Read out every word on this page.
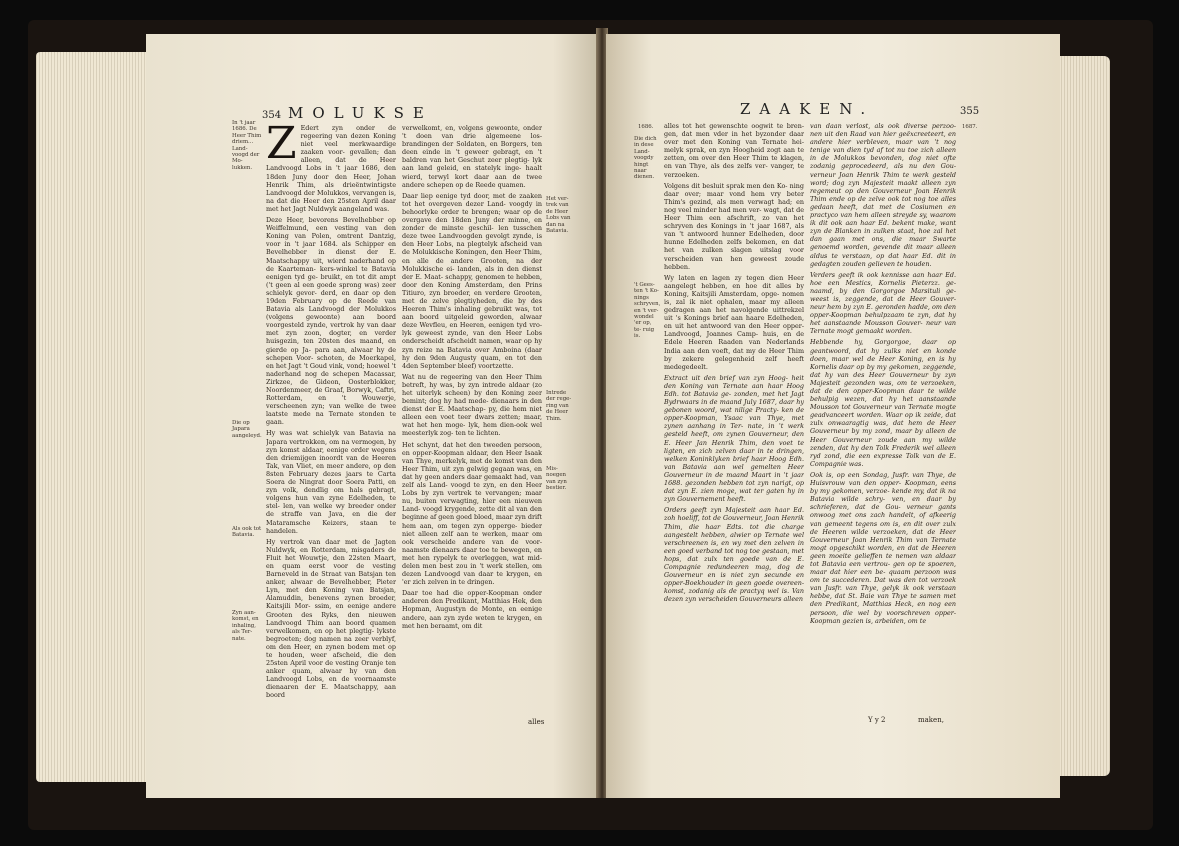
354 MOLUKSE
In 't jaar 1686. De Heer Thim driem... Land- voogd der Mo- lukken.
Die op Japara aangeleyd.
Als ook tot Batavia.
Zyn aan- komst, en inhaling, als Ter- nate.
Z Edert zyn onder de regeering van dezen Koning niet veel merkwaardige zaaken voor- gevallen; dan alleen, dat de Heer Landvoogd Lobs in 't jaar 1686, den 18den Juny door den Heer, Johan Henrik Thim, als drieëntwintigste Landvoogd der Molukkos, vervangen is, na dat die Heer den 25sten April daar met het Jagt Nuldwyk aangeland was.

Deze Heer, bevorens Bevelhebber op Weiffelmund, een vesting van den Koning van Polen, omtrent Dantzig, voor in 't jaar 1684. als Schipper en Bevelhebber in dienst der E. Maatschappy uit, wierd naderhand op de Kaarteman- kers-winkel te Batavia eenigen tyd ge- bruikt, en tot dit ampt ('t geen al een goede sprong was) zeer schielyk gevor- derd, en daar op den 19den February op de Reede van Batavia als Landvoogd der Molukkos (volgens gewoonte) aan boord voorgesteld zynde, vertrok hy van daar met zyn zoon, dogter, en verder huisgezin, ten 20sten des maand, en gierde op Ja- para aan, alwaar hy de schepen Voor- schoten, de Moerkapel, en het Jagt 't Goud vink, vond; hoewel 't naderhand nog de schepen Macassar, Zirkzee, de Gideon, Oosterblokker, Noordenmeer, de Graaf, Borwyk, Caftri, Rotterdam, en 't Wouwerje, verscheenen zyn; van welke de twee laatste mede na Ternate stonden te gaan.

Hy was wat schielyk van Batavia na Japara vertrokken, om na vermogen, by zyn komst aldaar, eenige order wegens den driemijgen inoordt van de Heeren Tak, van Vliet, en meer andere, op den 8sten February dezes jaars te Carta Soera de Ningrat door Soera Patti, en zyn volk, dendlig om hals gebragt, volgens hun van zyne Edelheden, te stel- len, van welke wy breeder onder de straffe van Java, en die der Mataramsche Keizers, staan te handelen.

Hy vertrok van daar met de Jagten Nuldwyk, en Rotterdam, misgaders de Fluit het Wouwtje, den 22sten Maart, en quam eerst voor de vesting Barneveld in de Straat van Batsjan ten anker, alwaar de Bevelhebber, Pieter Lyn, met den Koning van Batsjan, Alamuddin, benevens zynen broeder, Kaitsjili Mor- ssim, en eenige andere Grooten des Ryks, den nieuwen Landvoogd Thim aan boord quamen verwelkomen, en op het plegtig- lykste begroeten; dog namen na zeer verblyf, om den Heer, en zynen bodem met op te houden, weer afscheid, die den 25sten April voor de vesting Oranje ten anker quam, alwaar hy van den Landvoogd Lobs, en de voornaamste dienaaren der E. Maatschappy, aan boord

verwelkomt, en, volgens gewoonte, onder 't doen van drie algemeene los- brandingen der Soldaten, en Borgers, ten deen einde in 't geweer gebragt, en 't baldren van het Geschut zeer plegtig- lyk aan land geleid, en statelyk inge- haalt wierd, terwyl kort daar aan de twee andere schepen op de Reede quamen.

Daar liep eenige tyd door, met de zaaken tot het overgeven dezer Land- voogdy in behoorlyke order te brengen; waar op de overgave den 18den Juny der minne, en zonder de minste geschil- len tusschen deze twee Landvoogden gevolgt zynde, is den Heer Lobs, na plegtelyk afscheid van de Molukkische Koningen, den Heer Thim, en alle de andere Grooten, na der Molukkische ei- landen, als in den dienst der E. Maat- schappy, genomen te hebben, door den Koning Amsterdam, den Prins Titiuro, zyn broeder, en verdere Grooten, met de zelve plegtiyheden, die by des Heeren Thim's inhaling gebruikt was, tot aan boord uitgeleid geworden, alwaar deze Wevfleu, en Heeren, eenigen tyd vro- lyk geweest zynde, van den Heer Lobs onderscheidt afscheidt namen, waar op hy zyn reize na Batavia over Amboina (daar hy den 9den Augusty quam, en tot den 4den September bleef) voortzette.

Wat nu de regeering van den Heer Thim betreft, hy was, by zyn intrede aldaar (zo het uiterlyk scheen) by den Koning zeer bemint; dog hy had mede- dienaars in den dienst der E. Maatschap- py, die hem niet alleen een voet teer dwars zetten; maar, wat het hen moge- lyk, hem dien-ook wel meesterlyk zog- ten te lichten.

Het schynt, dat het den tweeden persoon, en opper-Koopman aldaar, den Heer Isaak van Thye, merkelyk, met de komst van den Heer Thim, uit zyn gelwig gegaan was, en dat hy geen anders daar gemaakt had, van zelf als Land- voogd te zyn, en den Heer Lobs by zyn vertrek te vervangen; maar nu, buiten verwagting, hier een nieuwen Land- voogd krygende, zette dit al van den beginne af geen goed bloed, maar zyn drift hem aan, om tegen zyn opperge- bieder niet alleen zelf aan te werken, maar om ook verscheide andere van de voor- naamste dienaars daar toe te bewegen, en met hen rypelyk te overleggen, wat mid- delen men best zou in 't werk stellen, om dezen Landvoogd van daar te krygen, en 'er zich zelven in te dringen.

Daar toe had die opper-Koopman onder anderen den Predikant, Matthias Hek, den Hopman, Augustyn de Monte, en eenige andere, aan zyn zyde weten te krygen, en met hen beraamt, om dit

Het ver- trek van de Heer Lobs van dan na Batavia.
Intrede der rege- ring van de Heer Thim.
Mis- noegen van zyn bestier.
alles
ZAAKEN.	355
1686.	1687.
Die dich in dese Land- voogdy hingt naar dienen.
't Gees- ten 't Ko- nings schryven, en 't ver- wondel 'er op, te- ruig is.

alles tot het gewenschte oogwit te bren- gen, dat men vder in het byzonder daar over met den Koning van Ternate hei- melyk sprak, en zyn Hoogheid zogt aan te zetten, om over den Heer Thim te klagen, en van Thye, als des zelfs ver- vanger, te verzoeken.

Volgens dit besluit sprak men den Ko- ning daar over; maar vond hem vry beter Thim's gezind, als men verwagt had; en nog veel minder had men ver- wagt, dat de Heer Thim een afschrift, zo van het schryven des Konings in 't jaar 1687, als van 't antwoord hunner Edelheden, door hunne Edelheden zelfs bekomen, en dat het van zulken slagen uitslag voor verscheiden van hen geweest zoude hebben.

Wy laten en lagen zy tegen dien Heer aangelegt hebben, en hoe dit alles by Koning, Kaitsjili Amsterdam, opge- nomen is, zal ik niet ophalen, maar my alleen gedragen aan het navolgende uittrekzel uit 's Konings brief aan haare Edelheden, en uit het antwoord van den Heer opper-Landvoogd, Joannes Camp- huis, en de Edele Heeren Raaden van Nederlands India aan den voeft, dat my de Heer Thim by zekere gelegenheid zelf heeft medegedeelt.

Extract uit den brief van zyn Hoog- heit den Koning van Ternate aan haar Hoog Edh. tot Batavia ge- zonden, met het Jagt Bydrwaars in de maand July 1687, daar hy gebonen woord, wat nilige Practy- ken de opper-Koopman, Ysaac van Thye, met zynen aanhang in Ter- nate, in 't werk gesteld heeft, om zynen Gouverneur, den E. Heer Jan Henrik Thim, den voet te ligten, en zich zelven daar in te dringen, welken Koninklyken brief haar Hoog Edh. van Batavia aan wel gemelten Heer Gouverneur in de maand Maart in 't jaar 1688. gezonden hebben tot zyn narigt, op dat zyn E. zien moge, wat ter gaten hy in zyn Gouvernement heeft.

Orders geeft zyn Majesteit aan haar Ed. zoh hoeliff, tot de Gouverneur, Joan Henrik Thim, die haar Edts. tot die charge aangestelt hebben, alwier op Ternate wel verschreenen is, en wy met den zelven in een goed verband tot nog toe gestaan, met hops, dat zulx ten goede van de E. Compagnie redundeeren mag, dog de Gouverneur en is niet zyn secunde en opper-Boekhouder in geen goede overeen- komst, zodanig als de practyq wel is. Van dezen zyn verscheiden Gouverneurs alleen

van daan verlost, als ook diverse perzoo- nen uit den Raad van hier geëxcreeteert, en andere hier verbleven, maar van 't nog tenige van dien tyd af tot nu toe zich alleen in de Molukkos bevonden, dog niet ofte zodanig geprocedeerd, als nu den Gou- verneur Joan Henrik Thim te werk gesteld word; dog zyn Majesteit maakt alleen zyn regemeut op den Gouverneur Joan Henrik Thim ende op de zelve ook tot nog toe alles gedaan heeft, dat met de Cosiumen en practyco van hem alleen streyde sy, waarom ik dit ook aan haar Ed. bekent make, want zyn de Blanken in zulken staat, hoe zal het dan gaan met ons, die maar Swarte genoemd worden, gevende dit maar alleen aldus te verstaan, op dat haar Ed. dit in gedagten zouden gelieven te houden.

Verders geeft ik ook kennisse aan haar Ed. hoe een Mestics, Kornelis Pieterzz. ge- naamd, by den Gorgorgoe Marsituli ge- weest is, zeggende, dat de Heer Gouver- neur hem by zyn E. geronden hadde, om den opper-Koopman behulpzaam te zyn, dat hy het aanstaande Mousson Gouver- neur van Ternate mogt gemaakt worden.

Hebbende hy, Gorgorgoe, daar op geantwoord, dat hy zulks niet en konde doen, maar wel de Heer Koning, en is hy Kornelis daar op by my gekomen, zeggende, dat hy van des Heer Gouverneur by zyn Majesteit gezonden was, om te verzoeken, dat de den opper-Koopman daar te wilde behulpig wezen, dat hy het aanstaande Mousson tot Gouverneur van Ternate mogte geadvanceert worden. Waar op ik zeide, dat zulx onwaaragtig was, dat hem de Heer Gouverneur by my zond, maar by alleen de Heer Gouverneur zoude aan my wilde zenden, dat hy den Tolk Frederik wel alleen ryd zond, die een expresse Tolk van de E. Compagnie was.

Ook is, op een Sondag, Jusfr. van Thye, de Huisvrouw van den opper- Koopman, eens by my gekomen, verzoe- kende my, dat ik na Batavia wilde schry- ven, en daar by schrieferen, dat de Gou- verneur gants onwoog met ons zach handelt, of afkeerig van gemeent tegens om is, en dit over zulx de Heeren wilde verzoeken, dat de Heer Gouverneur Joan Henrik Thim van Ternate mogt opgeschikt worden, en dat de Heeren geen moeite gelieffen te nemen van aldaar tot Batavia een vertrou- gen op te spoeren, maar dat hier een be- quaam perzoon was om te succederen. Dat was den tot verzoek van Jusfr. van Thye, gelyk ik ook verstaan hebbe, dat St. Baie van Thye te samen met den Predikant, Matthias Heck, en nog een persoon, die wel by voorschreven opper- Koopman gezien is, arbeiden, om te

Y y 2	maken,
